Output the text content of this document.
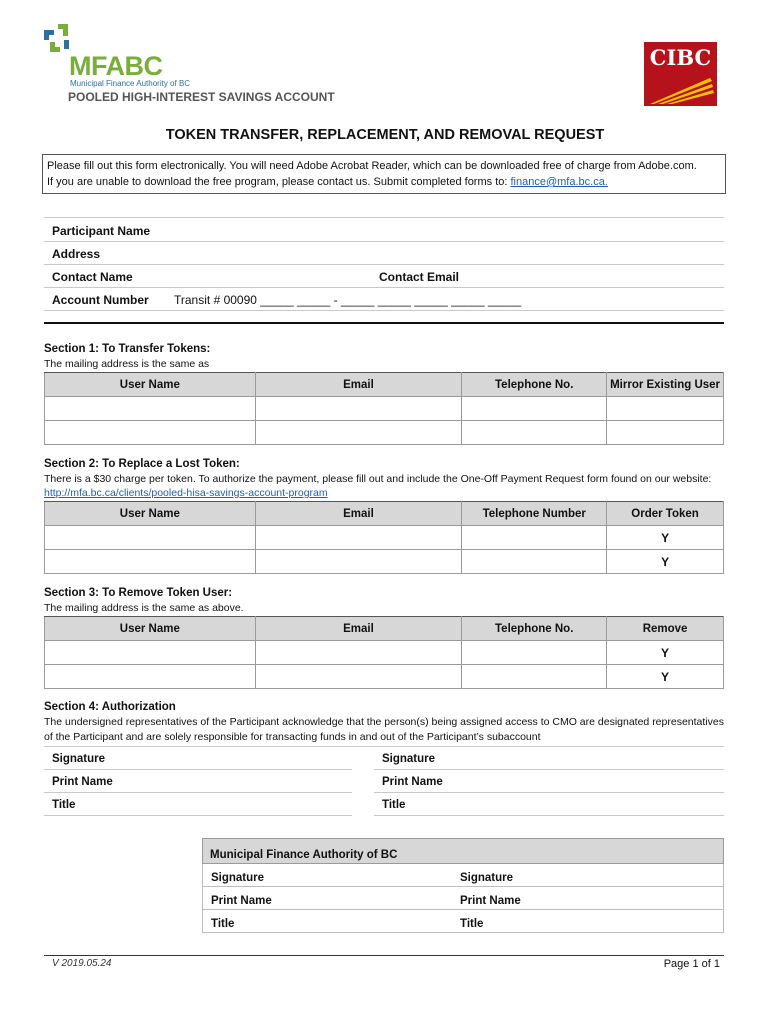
MFABC
Municipal Finance Authority of BC
POOLED HIGH-INTEREST SAVINGS ACCOUNT
CIBC
TOKEN TRANSFER, REPLACEMENT, AND REMOVAL REQUEST
Please fill out this form electronically. You will need Adobe Acrobat Reader, which can be downloaded free of charge from Adobe.com.
If you are unable to download the free program, please contact us. Submit completed forms to: finance@mfa.bc.ca.
Participant Name
Address
Contact Name	Contact Email
Account Number Transit # 00090 _____ _____ - _____ _____ _____ _____ _____
Section 1: To Transfer Tokens:
The mailing address is the same as
User Name	Email	Telephone No.	Mirror Existing User

Section 2: To Replace a Lost Token:
There is a $30 charge per token. To authorize the payment, please fill out and include the One-Off Payment Request form found on our website:
http://mfa.bc.ca/clients/pooled-hisa-savings-account-program
User Name	Email	Telephone Number	Order Token
			Y
			Y
Section 3: To Remove Token User:
The mailing address is the same as above.
User Name	Email	Telephone No.	Remove
			Y
			Y
Section 4: Authorization
The undersigned representatives of the Participant acknowledge that the person(s) being assigned access to CMO are designated representatives
of the Participant and are solely responsible for transacting funds in and out of the Participant’s subaccount
Signature	Signature
Print Name	Print Name
Title	Title
Municipal Finance Authority of BC
Signature	Signature
Print Name	Print Name
Title	Title
V 2019.05.24	Page 1 of 1
